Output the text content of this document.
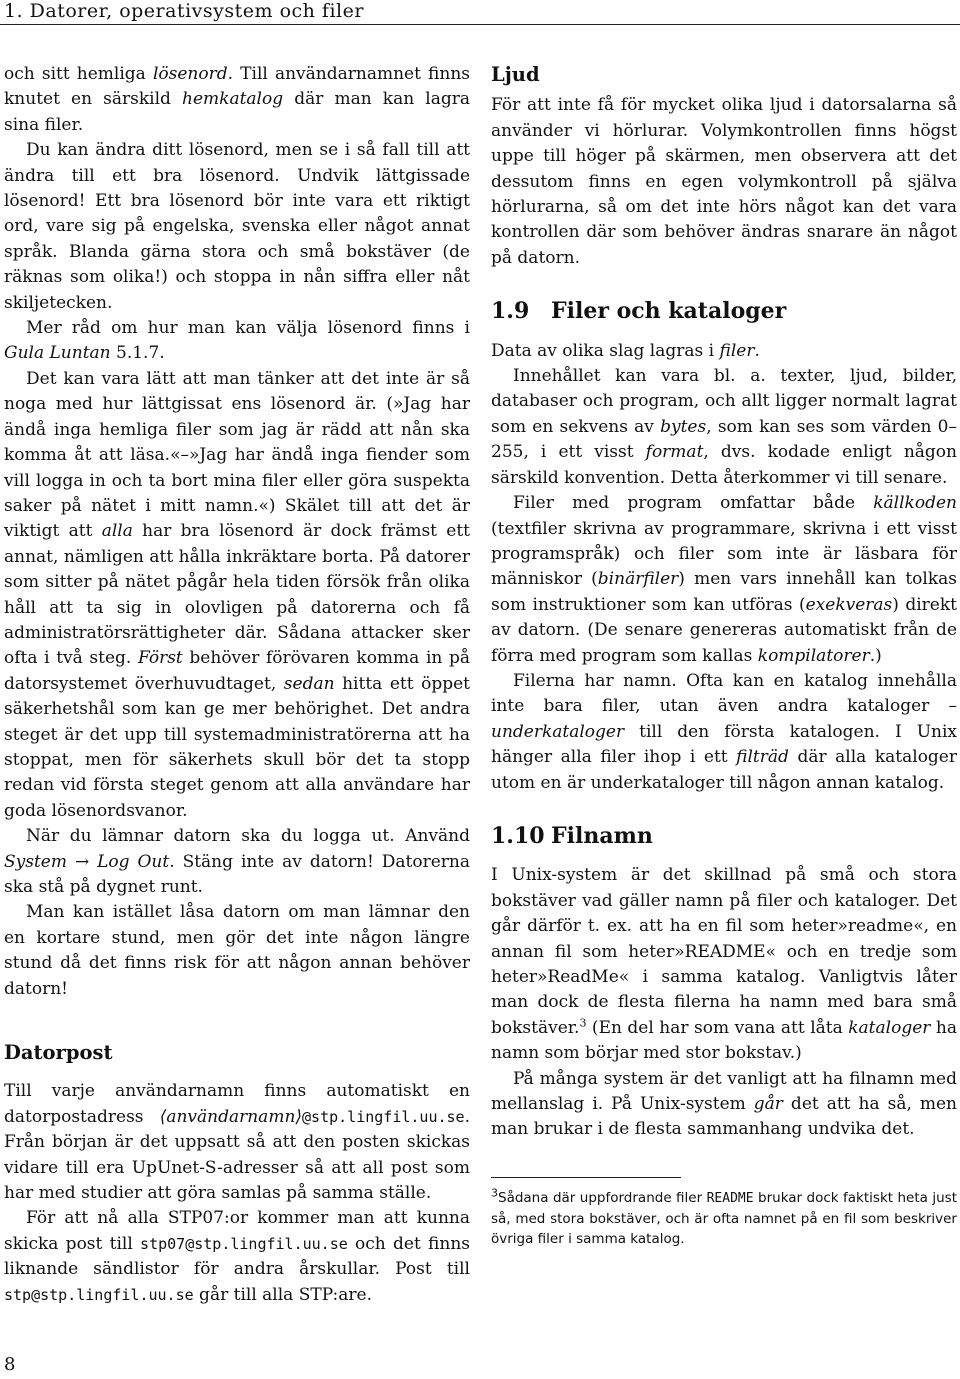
1. Datorer, operativsystem och filer

och sitt hemliga lösenord. Till användarnamnet finns knutet en särskild hemkatalog där man kan lagra sina filer.

Du kan ändra ditt lösenord, men se i så fall till att ändra till ett bra lösenord. Undvik lättgissade lösenord! Ett bra lösenord bör inte vara ett riktigt ord, vare sig på engelska, svenska eller något annat språk. Blanda gärna stora och små bokstäver (de räknas som olika!) och stoppa in nån siffra eller nåt skiljetecken.

Mer råd om hur man kan välja lösenord finns i Gula Luntan 5.1.7.

Det kan vara lätt att man tänker att det inte är så noga med hur lättgissat ens lösenord är. (»Jag har ändå inga hemliga filer som jag är rädd att nån ska komma åt att läsa.«–»Jag har ändå inga fiender som vill logga in och ta bort mina filer eller göra suspekta saker på nätet i mitt namn.«) Skälet till att det är viktigt att alla har bra lösenord är dock främst ett annat, nämligen att hålla inkräktare borta. På datorer som sitter på nätet pågår hela tiden försök från olika håll att ta sig in olovligen på datorerna och få administratörsrättigheter där. Sådana attacker sker ofta i två steg. Först behöver förövaren komma in på datorsystemet överhuvudtaget, sedan hitta ett öppet säkerhetshål som kan ge mer behörighet. Det andra steget är det upp till systemadministratörerna att ha stoppat, men för säkerhets skull bör det ta stopp redan vid första steget genom att alla användare har goda lösenordsvanor.

När du lämnar datorn ska du logga ut. Använd System → Log Out. Stäng inte av datorn! Datorerna ska stå på dygnet runt.

Man kan istället låsa datorn om man lämnar den en kortare stund, men gör det inte någon längre stund då det finns risk för att någon annan behöver datorn!

Datorpost

Till varje användarnamn finns automatiskt en datorpostadress ⟨användarnamn⟩@stp.lingfil.uu.se. Från början är det uppsatt så att den posten skickas vidare till era UpUnet-S-adresser så att all post som har med studier att göra samlas på samma ställe.

För att nå alla STP07:or kommer man att kunna skicka post till stp07@stp.lingfil.uu.se och det finns liknande sändlistor för andra årskullar. Post till stp@stp.lingfil.uu.se går till alla STP:are.

Ljud

För att inte få för mycket olika ljud i datorsalarna så använder vi hörlurar. Volymkontrollen finns högst uppe till höger på skärmen, men observera att det dessutom finns en egen volymkontroll på själva hörlurarna, så om det inte hörs något kan det vara kontrollen där som behöver ändras snarare än något på datorn.

1.9 Filer och kataloger

Data av olika slag lagras i filer.

Innehållet kan vara bl. a. texter, ljud, bilder, databaser och program, och allt ligger normalt lagrat som en sekvens av bytes, som kan ses som värden 0–255, i ett visst format, dvs. kodade enligt någon särskild konvention. Detta återkommer vi till senare.

Filer med program omfattar både källkoden (textfiler skrivna av programmare, skrivna i ett visst programspråk) och filer som inte är läsbara för människor (binärfiler) men vars innehåll kan tolkas som instruktioner som kan utföras (exekveras) direkt av datorn. (De senare genereras automatiskt från de förra med program som kallas kompilatorer.)

Filerna har namn. Ofta kan en katalog innehålla inte bara filer, utan även andra kataloger – underkataloger till den första katalogen. I Unix hänger alla filer ihop i ett filträd där alla kataloger utom en är underkataloger till någon annan katalog.

1.10 Filnamn

I Unix-system är det skillnad på små och stora bokstäver vad gäller namn på filer och kataloger. Det går därför t. ex. att ha en fil som heter»readme«, en annan fil som heter»README« och en tredje som heter»ReadMe« i samma katalog. Vanligtvis låter man dock de flesta filerna ha namn med bara små bokstäver.$^3$ (En del har som vana att låta kataloger ha namn som börjar med stor bokstav.)

På många system är det vanligt att ha filnamn med mellanslag i. På Unix-system går det att ha så, men man brukar i de flesta sammanhang undvika det.

$^3$Sådana där uppfordrande filer README brukar dock faktiskt heta just så, med stora bokstäver, och är ofta namnet på en fil som beskriver övriga filer i samma katalog.
8
